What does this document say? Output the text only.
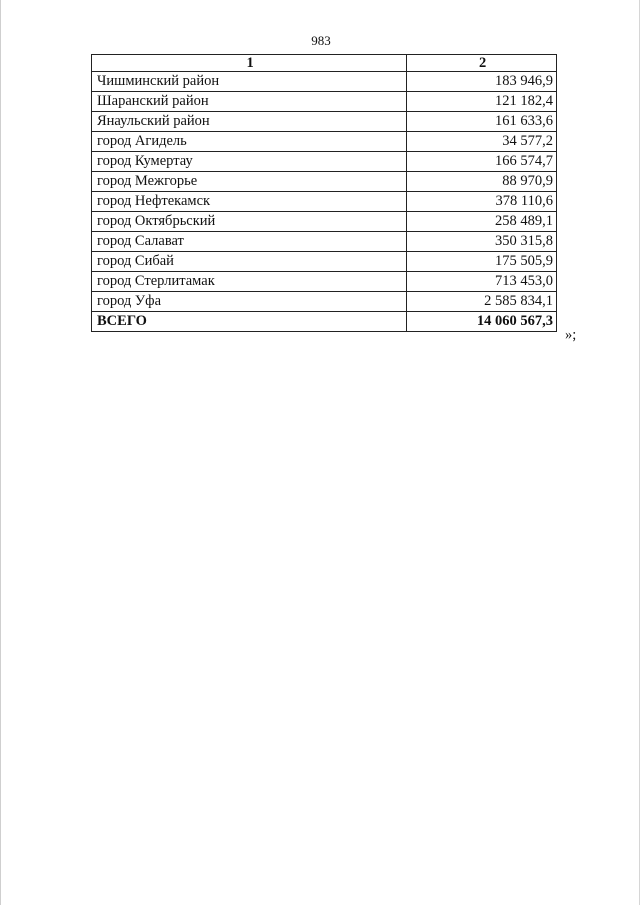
983
1	2
Чишминский район	183 946,9
Шаранский район	121 182,4
Янаульский район	161 633,6
город Агидель	34 577,2
город Кумертау	166 574,7
город Межгорье	88 970,9
город Нефтекамск	378 110,6
город Октябрьский	258 489,1
город Салават	350 315,8
город Сибай	175 505,9
город Стерлитамак	713 453,0
город Уфа	2 585 834,1
ВСЕГО	14 060 567,3
»;
